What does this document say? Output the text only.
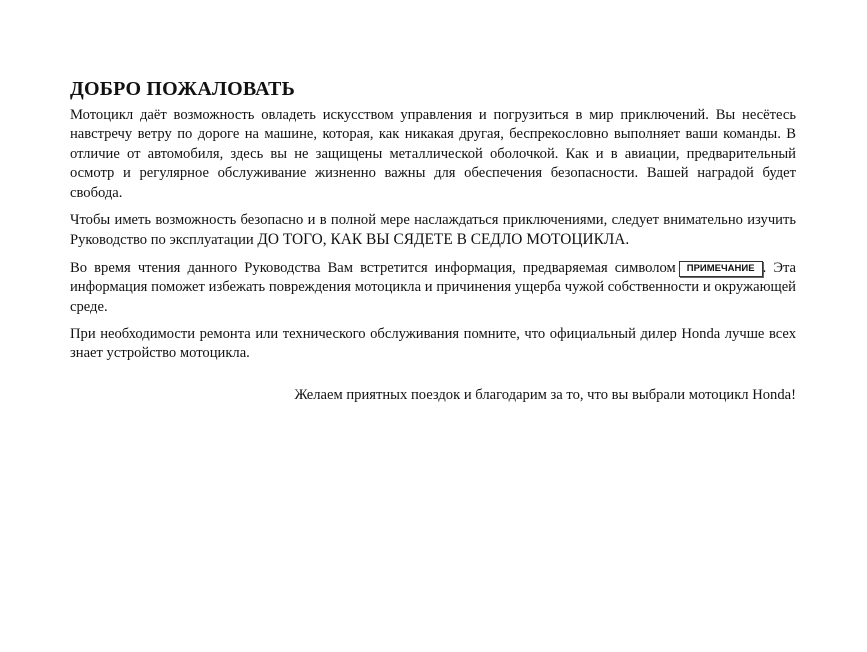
ДОБРО ПОЖАЛОВАТЬ

Мотоцикл даёт возможность овладеть искусством управления и погрузиться в мир приключений. Вы несётесь навстречу ветру по дороге на машине, которая, как никакая другая, беспрекословно выполняет ваши команды. В отличие от автомобиля, здесь вы не защищены металлической оболочкой. Как и в авиации, предварительный осмотр и регулярное обслуживание жизненно важны для обеспечения безопасности. Вашей наградой будет свобода.

Чтобы иметь возможность безопасно и в полной мере наслаждаться приключениями, следует внимательно изучить Руководство по эксплуатации ДО ТОГО, КАК ВЫ СЯДЕТЕ В СЕДЛО МОТОЦИКЛА.

Во время чтения данного Руководства Вам встретится информация, предваряемая символом ПРИМЕЧАНИЕ . Эта информация поможет избежать повреждения мотоцикла и причинения ущерба чужой собственности и окружающей среде.

При необходимости ремонта или технического обслуживания помните, что официальный дилер Honda лучше всех знает устройство мотоцикла.

Желаем приятных поездок и благодарим за то, что вы выбрали мотоцикл Honda!
